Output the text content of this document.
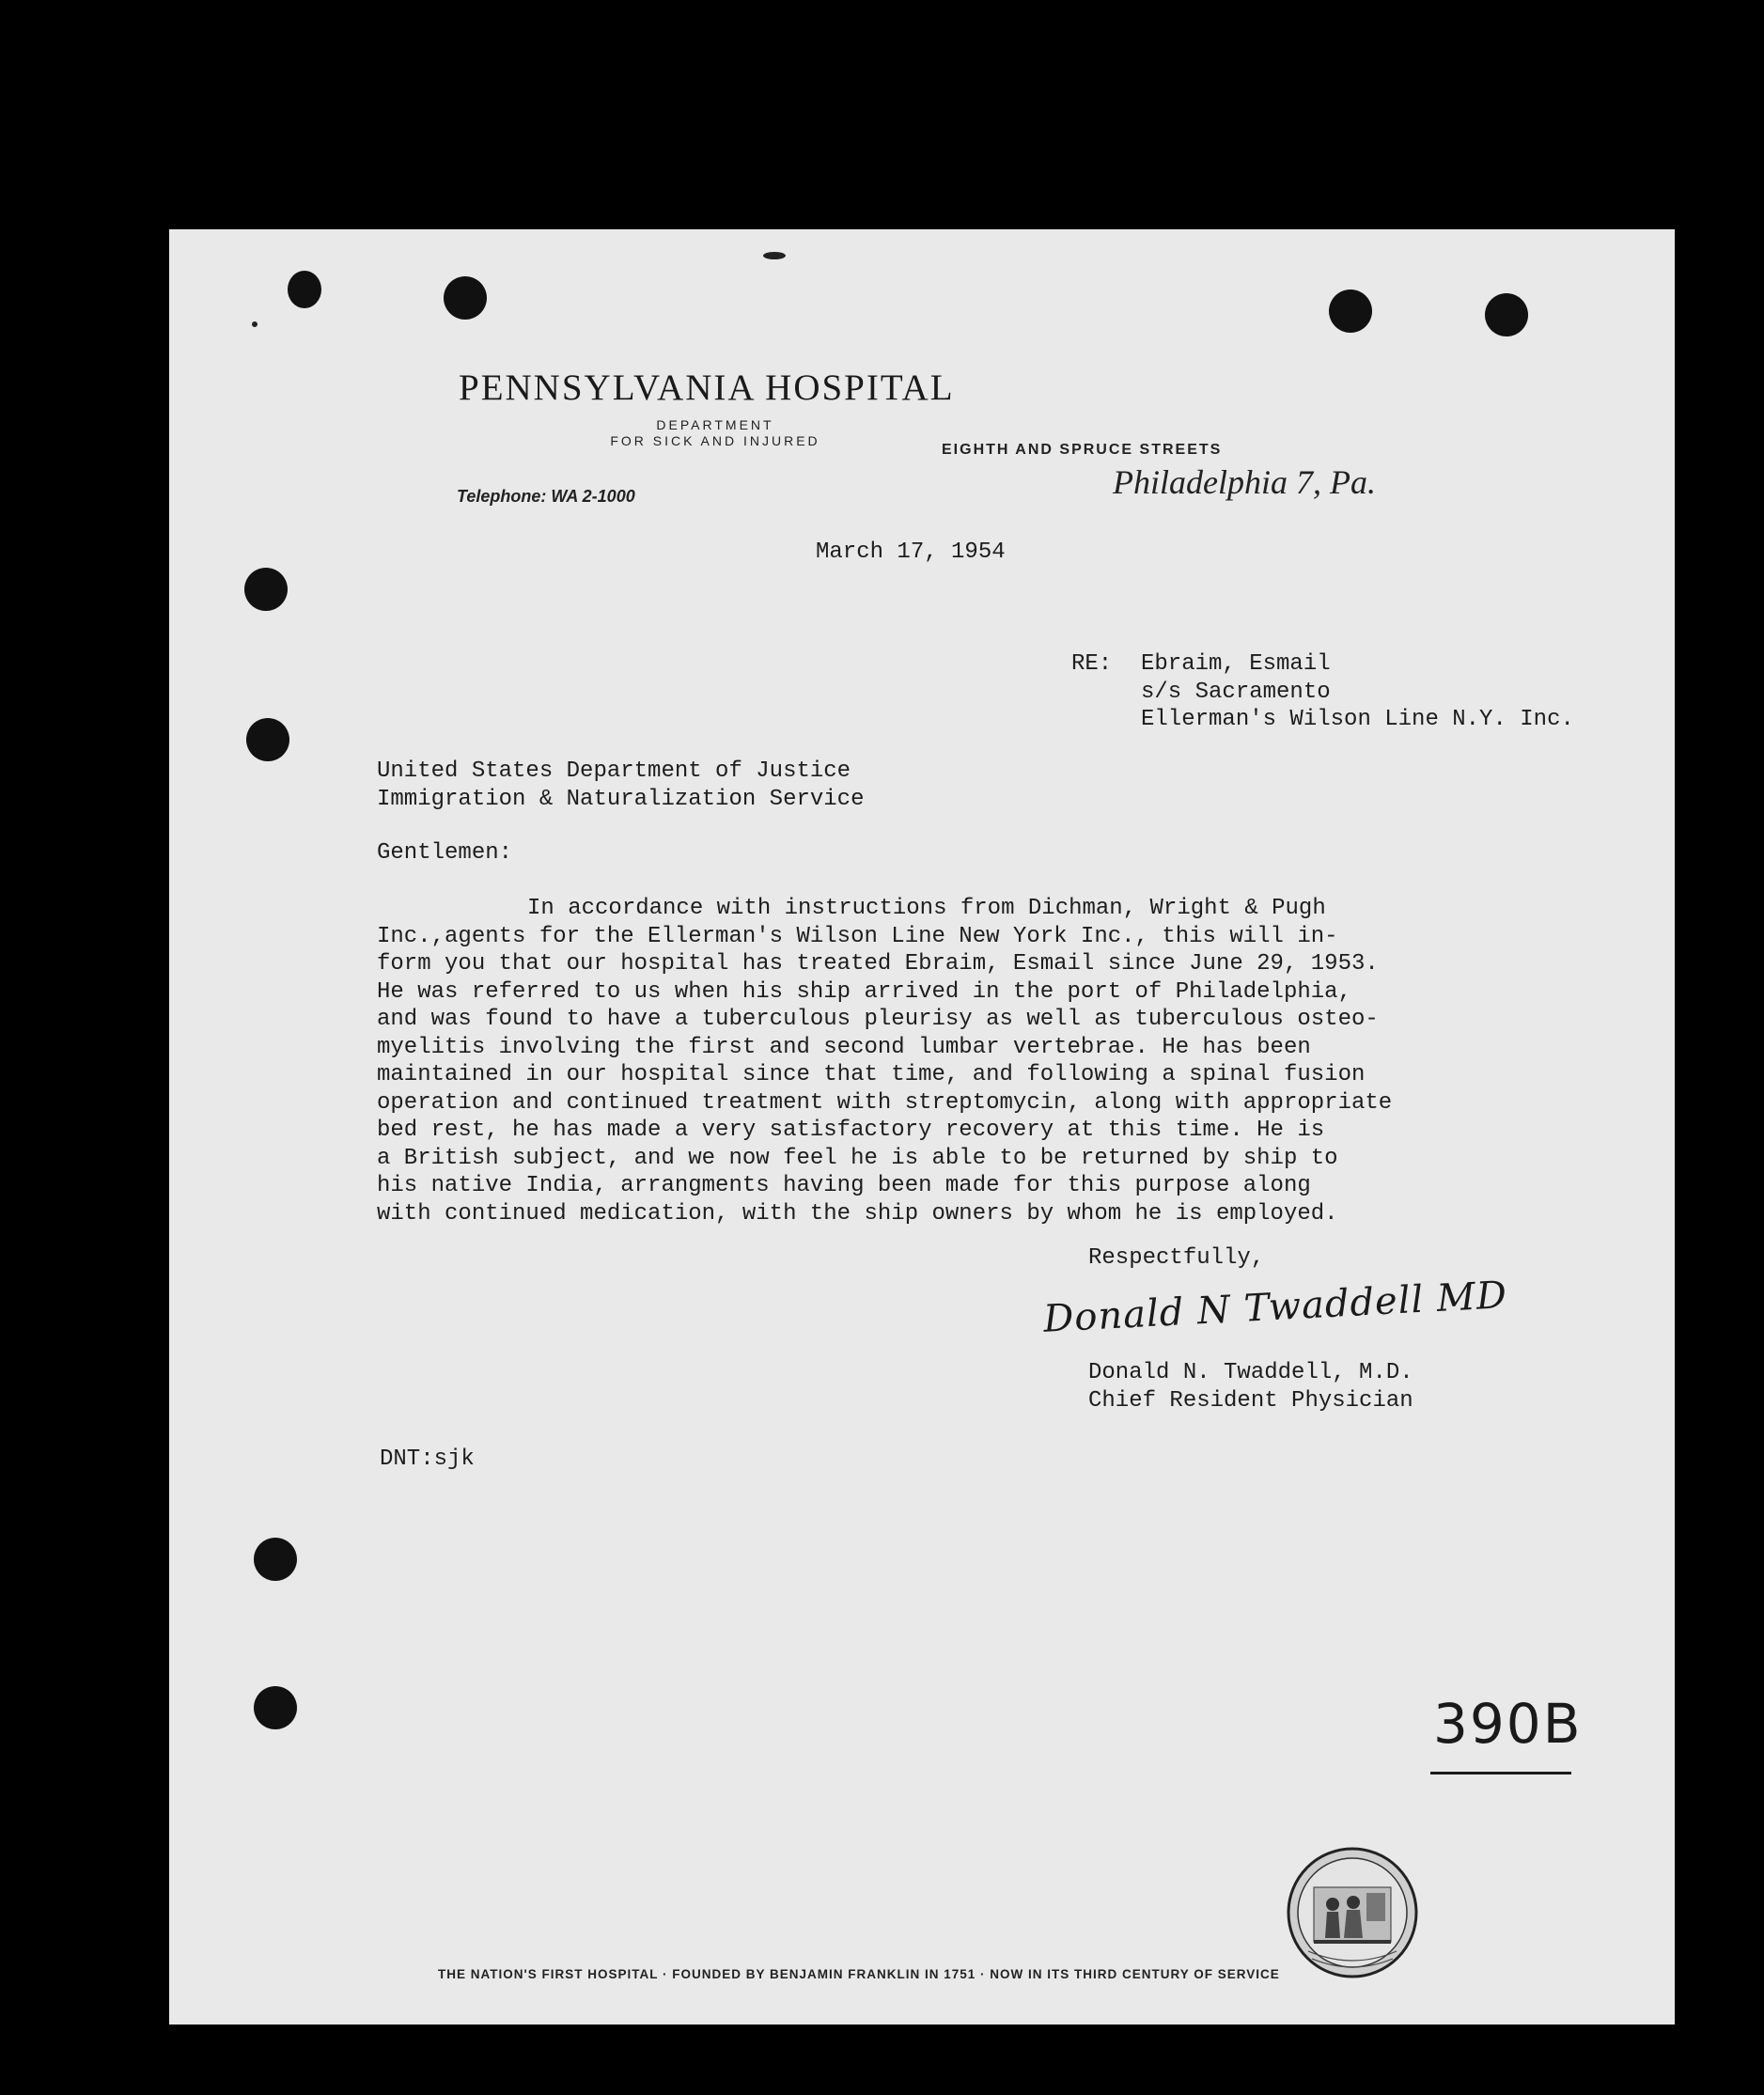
PENNSYLVANIA HOSPITAL
DEPARTMENT
FOR SICK AND INJURED
EIGHTH AND SPRUCE STREETS
Philadelphia 7, Pa.
Telephone: WA 2-1000
March 17, 1954
RE: Ebraim, Esmail
s/s Sacramento
Ellerman's Wilson Line N.Y. Inc.
United States Department of Justice
Immigration & Naturalization Service
Gentlemen:
In accordance with instructions from Dichman, Wright & Pugh
Inc.,agents for the Ellerman's Wilson Line New York Inc., this will in-
form you that our hospital has treated Ebraim, Esmail since June 29, 1953.
He was referred to us when his ship arrived in the port of Philadelphia,
and was found to have a tuberculous pleurisy as well as tuberculous osteo-
myelitis involving the first and second lumbar vertebrae. He has been
maintained in our hospital since that time, and following a spinal fusion
operation and continued treatment with streptomycin, along with appropriate
bed rest, he has made a very satisfactory recovery at this time. He is
a British subject, and we now feel he is able to be returned by ship to
his native India, arrangments having been made for this purpose along
with continued medication, with the ship owners by whom he is employed.
Respectfully,
Donald N Twaddell MD
Donald N. Twaddell, M.D.
Chief Resident Physician
DNT:sjk
390B
THE NATION'S FIRST HOSPITAL · FOUNDED BY BENJAMIN FRANKLIN IN 1751 · NOW IN ITS THIRD CENTURY OF SERVICE
